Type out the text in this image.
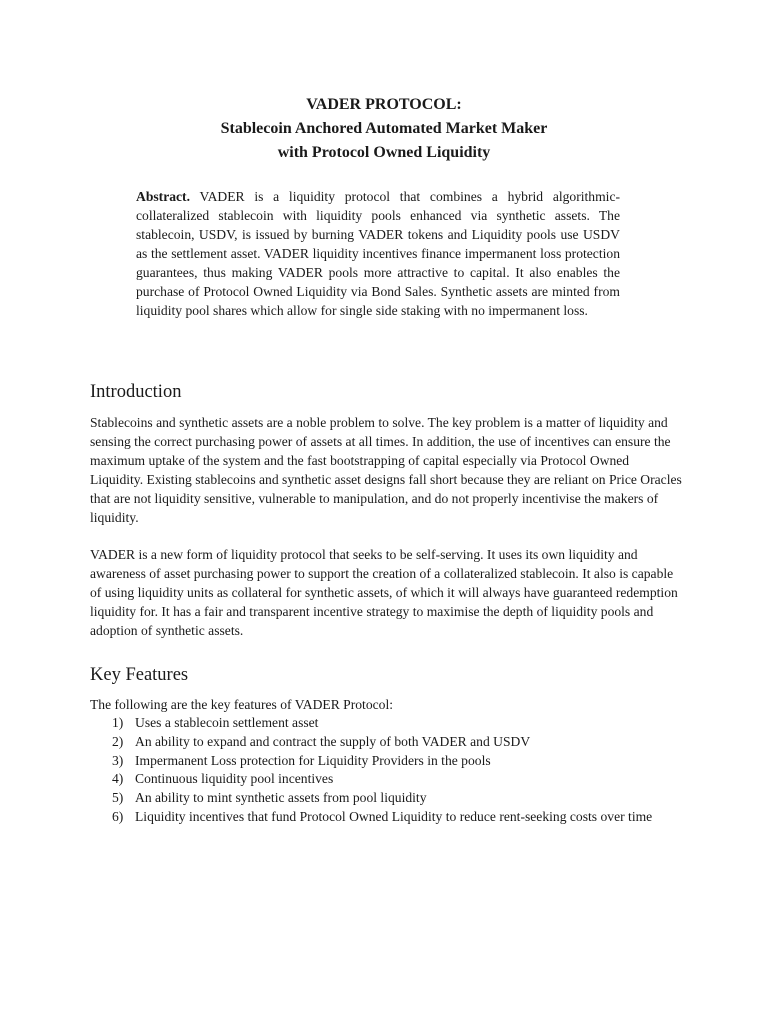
VADER PROTOCOL:
Stablecoin Anchored Automated Market Maker
with Protocol Owned Liquidity
Abstract. VADER is a liquidity protocol that combines a hybrid algorithmic-collateralized stablecoin with liquidity pools enhanced via synthetic assets. The stablecoin, USDV, is issued by burning VADER tokens and Liquidity pools use USDV as the settlement asset. VADER liquidity incentives finance impermanent loss protection guarantees, thus making VADER pools more attractive to capital. It also enables the purchase of Protocol Owned Liquidity via Bond Sales. Synthetic assets are minted from liquidity pool shares which allow for single side staking with no impermanent loss.
Introduction

Stablecoins and synthetic assets are a noble problem to solve. The key problem is a matter of liquidity and sensing the correct purchasing power of assets at all times. In addition, the use of incentives can ensure the maximum uptake of the system and the fast bootstrapping of capital especially via Protocol Owned Liquidity. Existing stablecoins and synthetic asset designs fall short because they are reliant on Price Oracles that are not liquidity sensitive, vulnerable to manipulation, and do not properly incentivise the makers of liquidity.

VADER is a new form of liquidity protocol that seeks to be self-serving. It uses its own liquidity and awareness of asset purchasing power to support the creation of a collateralized stablecoin. It also is capable of using liquidity units as collateral for synthetic assets, of which it will always have guaranteed redemption liquidity for. It has a fair and transparent incentive strategy to maximise the depth of liquidity pools and adoption of synthetic assets.

Key Features

The following are the key features of VADER Protocol:

1) Uses a stablecoin settlement asset
2) An ability to expand and contract the supply of both VADER and USDV
3) Impermanent Loss protection for Liquidity Providers in the pools
4) Continuous liquidity pool incentives
5) An ability to mint synthetic assets from pool liquidity
6) Liquidity incentives that fund Protocol Owned Liquidity to reduce rent-seeking costs over time
